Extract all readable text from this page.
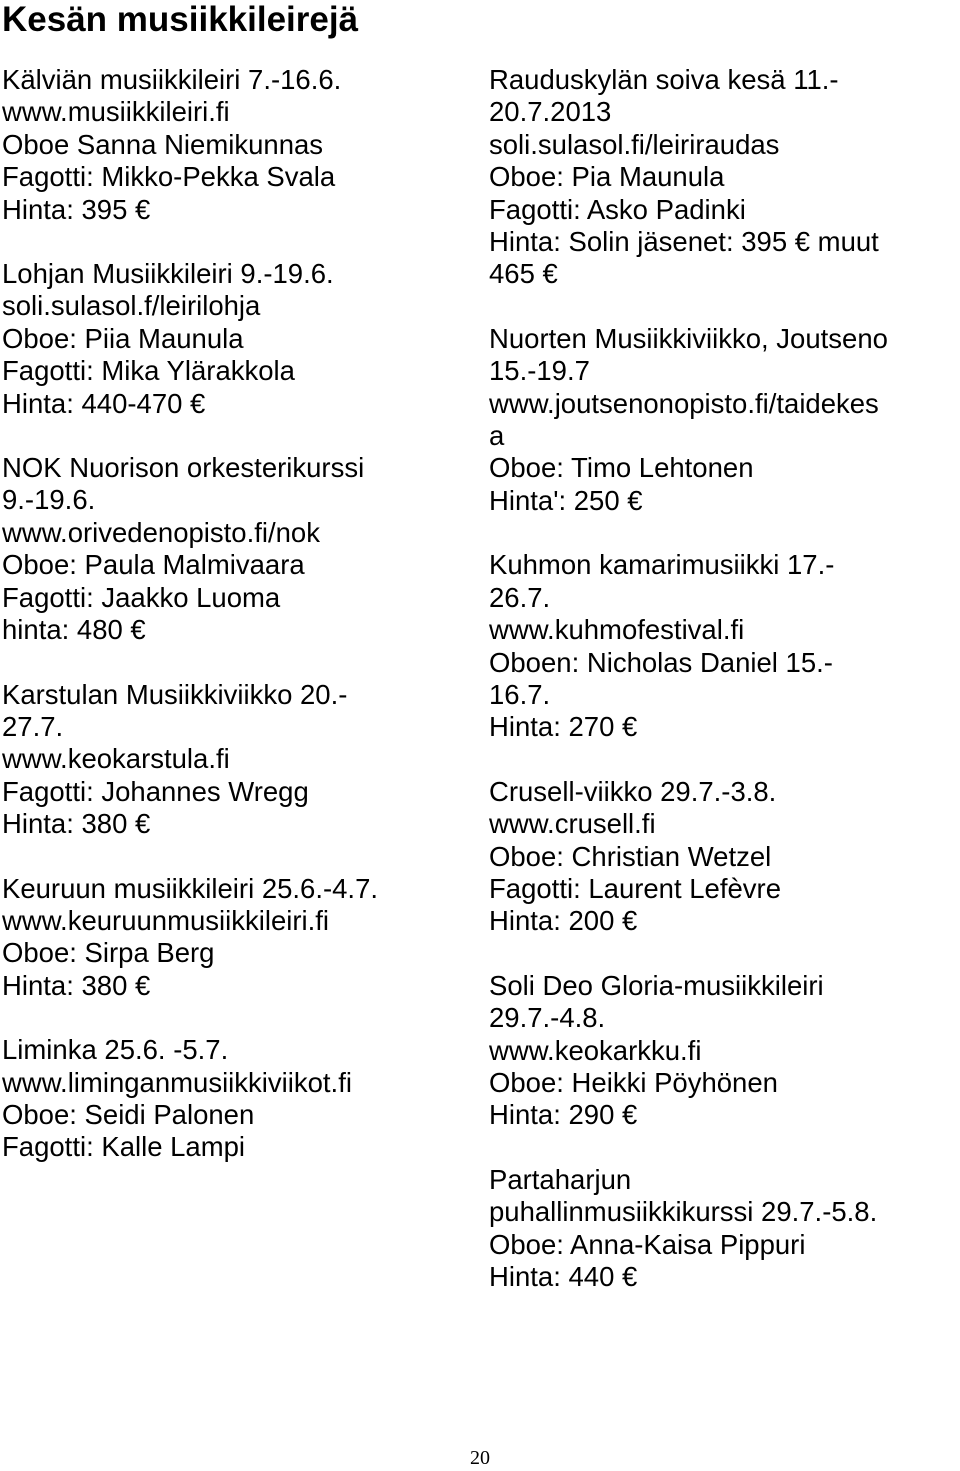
Kesän musiikkileirejä
Kälviän musiikkileiri 7.-16.6.
www.musiikkileiri.fi
Oboe Sanna Niemikunnas
Fagotti: Mikko-Pekka Svala
Hinta: 395 €
Lohjan Musiikkileiri 9.-19.6.
soli.sulasol.f/leirilohja
Oboe: Piia Maunula
Fagotti: Mika Ylärakkola
Hinta: 440-470 €
NOK Nuorison orkesterikurssi
9.-19.6.
www.orivedenopisto.fi/nok
Oboe: Paula Malmivaara
Fagotti: Jaakko Luoma
hinta: 480 €
Karstulan Musiikkiviikko 20.-
27.7.
www.keokarstula.fi
Fagotti: Johannes Wregg
Hinta: 380 €
Keuruun musiikkileiri 25.6.-4.7.
www.keuruunmusiikkileiri.fi
Oboe: Sirpa Berg
Hinta: 380 €
Liminka 25.6. -5.7.
www.liminganmusiikkiviikot.fi
Oboe: Seidi Palonen
Fagotti: Kalle Lampi
Rauduskylän soiva kesä 11.-
20.7.2013
soli.sulasol.fi/leiriraudas
Oboe: Pia Maunula
Fagotti: Asko Padinki
Hinta: Solin jäsenet: 395 € muut
465 €
Nuorten Musiikkiviikko, Joutseno
15.-19.7
www.joutsenonopisto.fi/taidekes
a
Oboe: Timo Lehtonen
Hinta': 250 €
Kuhmon kamarimusiikki 17.-
26.7.
www.kuhmofestival.fi
Oboen: Nicholas Daniel 15.-
16.7.
Hinta: 270 €
Crusell-viikko 29.7.-3.8.
www.crusell.fi
Oboe: Christian Wetzel
Fagotti: Laurent Lefèvre
Hinta: 200 €
Soli Deo Gloria-musiikkileiri
29.7.-4.8.
www.keokarkku.fi
Oboe: Heikki Pöyhönen
Hinta: 290 €
Partaharjun
puhallinmusiikkikurssi 29.7.-5.8.
Oboe: Anna-Kaisa Pippuri
Hinta: 440 €
20
